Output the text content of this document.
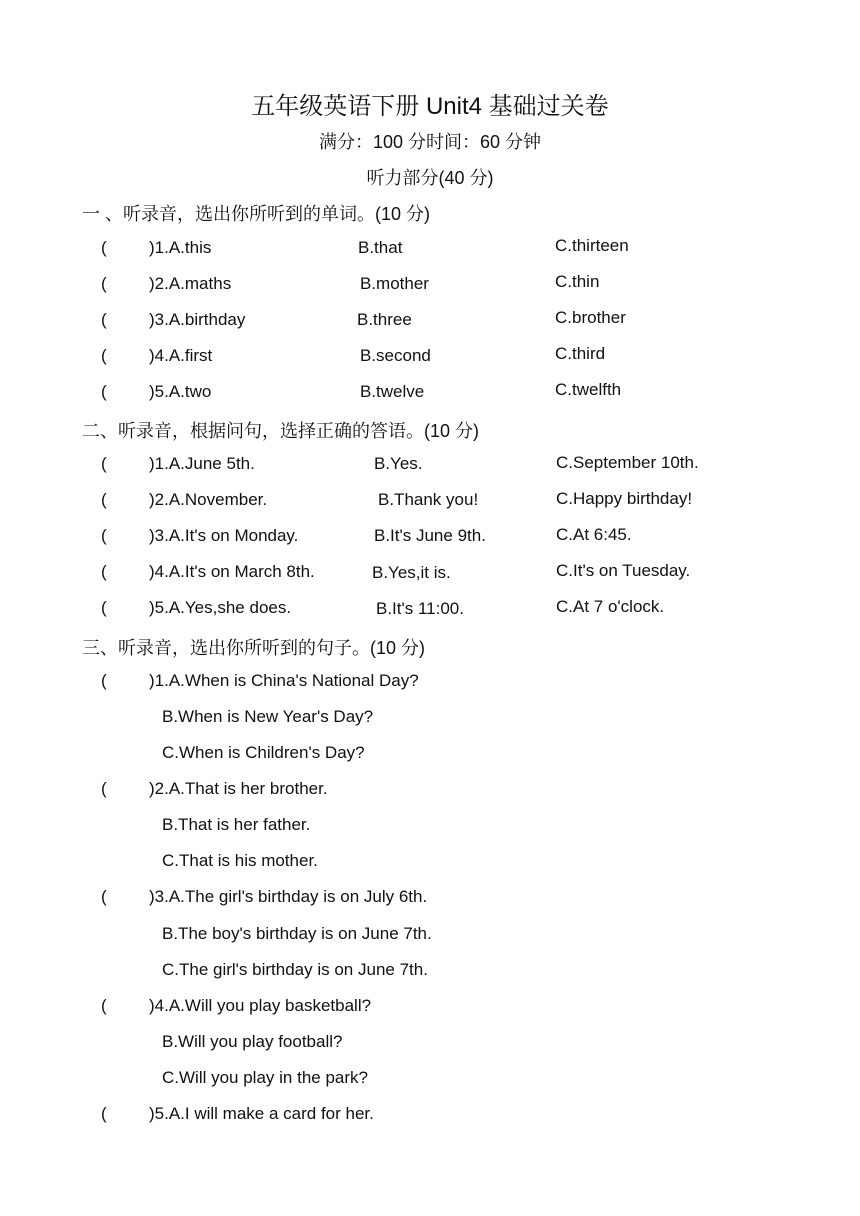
五年级英语下册 Unit4 基础过关卷
满分：100 分时间：60 分钟
听力部分(40 分)
一 、听录音，选出你所听到的单词。(10 分)
( )1.A.this	B.that	C.thirteen
( )2.A.maths	B.mother	C.thin
( )3.A.birthday	B.three	C.brother
( )4.A.first	B.second	C.third
( )5.A.two	B.twelve	C.twelfth
二、听录音，根据问句，选择正确的答语。(10 分)
( )1.A.June 5th.	B.Yes.	C.September 10th.
( )2.A.November.	B.Thank you!	C.Happy birthday!
( )3.A.It's on Monday.	B.It's June 9th.	C.At 6:45.
( )4.A.It's on March 8th.	B.Yes,it is.	C.It's on Tuesday.
( )5.A.Yes,she does.	B.It's 11:00.	C.At 7 o'clock.
三、听录音，选出你所听到的句子。(10 分)
( )1.A.When is China's National Day?
B.When is New Year's Day?
C.When is Children's Day?
( )2.A.That is her brother.
B.That is her father.
C.That is his mother.
( )3.A.The girl's birthday is on July 6th.
B.The boy's birthday is on June 7th.
C.The girl's birthday is on June 7th.
( )4.A.Will you play basketball?
B.Will you play football?
C.Will you play in the park?
( )5.A.I will make a card for her.
